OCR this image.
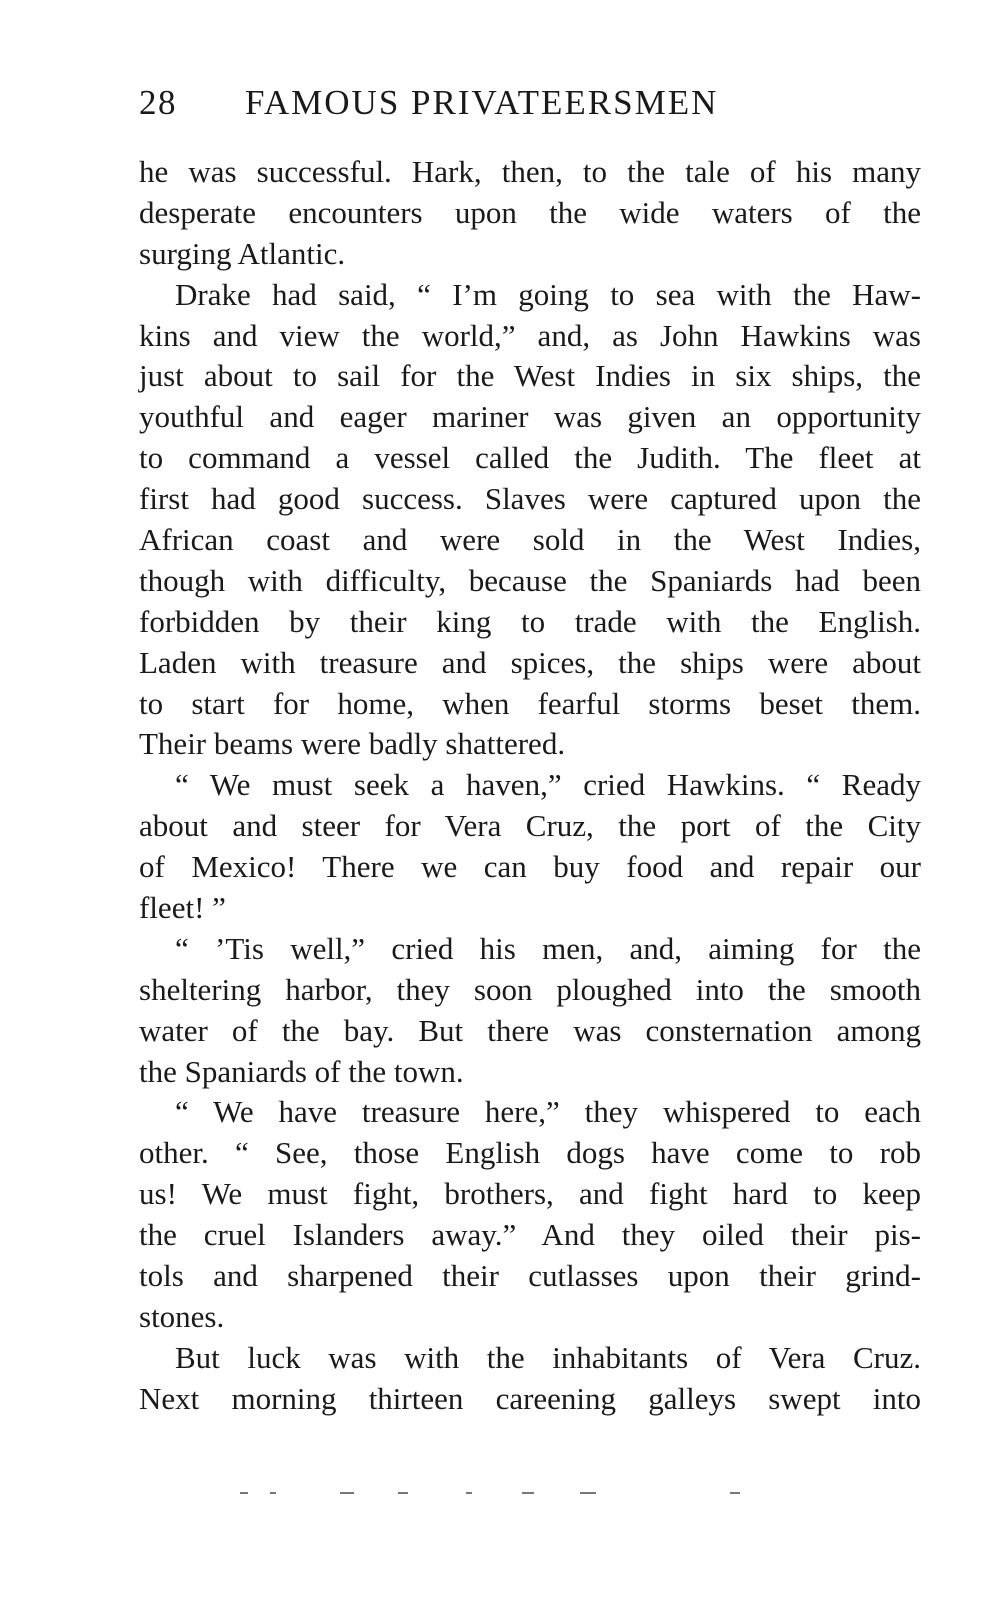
28 FAMOUS PRIVATEERSMEN
he was successful. Hark, then, to the tale of his many
desperate encounters upon the wide waters of the
surging Atlantic.
Drake had said, “ I’m going to sea with the Haw-
kins and view the world,” and, as John Hawkins was
just about to sail for the West Indies in six ships, the
youthful and eager mariner was given an opportunity
to command a vessel called the Judith. The fleet at
first had good success. Slaves were captured upon the
African coast and were sold in the West Indies,
though with difficulty, because the Spaniards had been
forbidden by their king to trade with the English.
Laden with treasure and spices, the ships were about
to start for home, when fearful storms beset them.
Their beams were badly shattered.
“ We must seek a haven,” cried Hawkins. “ Ready
about and steer for Vera Cruz, the port of the City
of Mexico! There we can buy food and repair our
fleet! ”
“ ’Tis well,” cried his men, and, aiming for the
sheltering harbor, they soon ploughed into the smooth
water of the bay. But there was consternation among
the Spaniards of the town.
“ We have treasure here,” they whispered to each
other. “ See, those English dogs have come to rob
us! We must fight, brothers, and fight hard to keep
the cruel Islanders away.” And they oiled their pis-
tols and sharpened their cutlasses upon their grind-
stones.
But luck was with the inhabitants of Vera Cruz.
Next morning thirteen careening galleys swept into
